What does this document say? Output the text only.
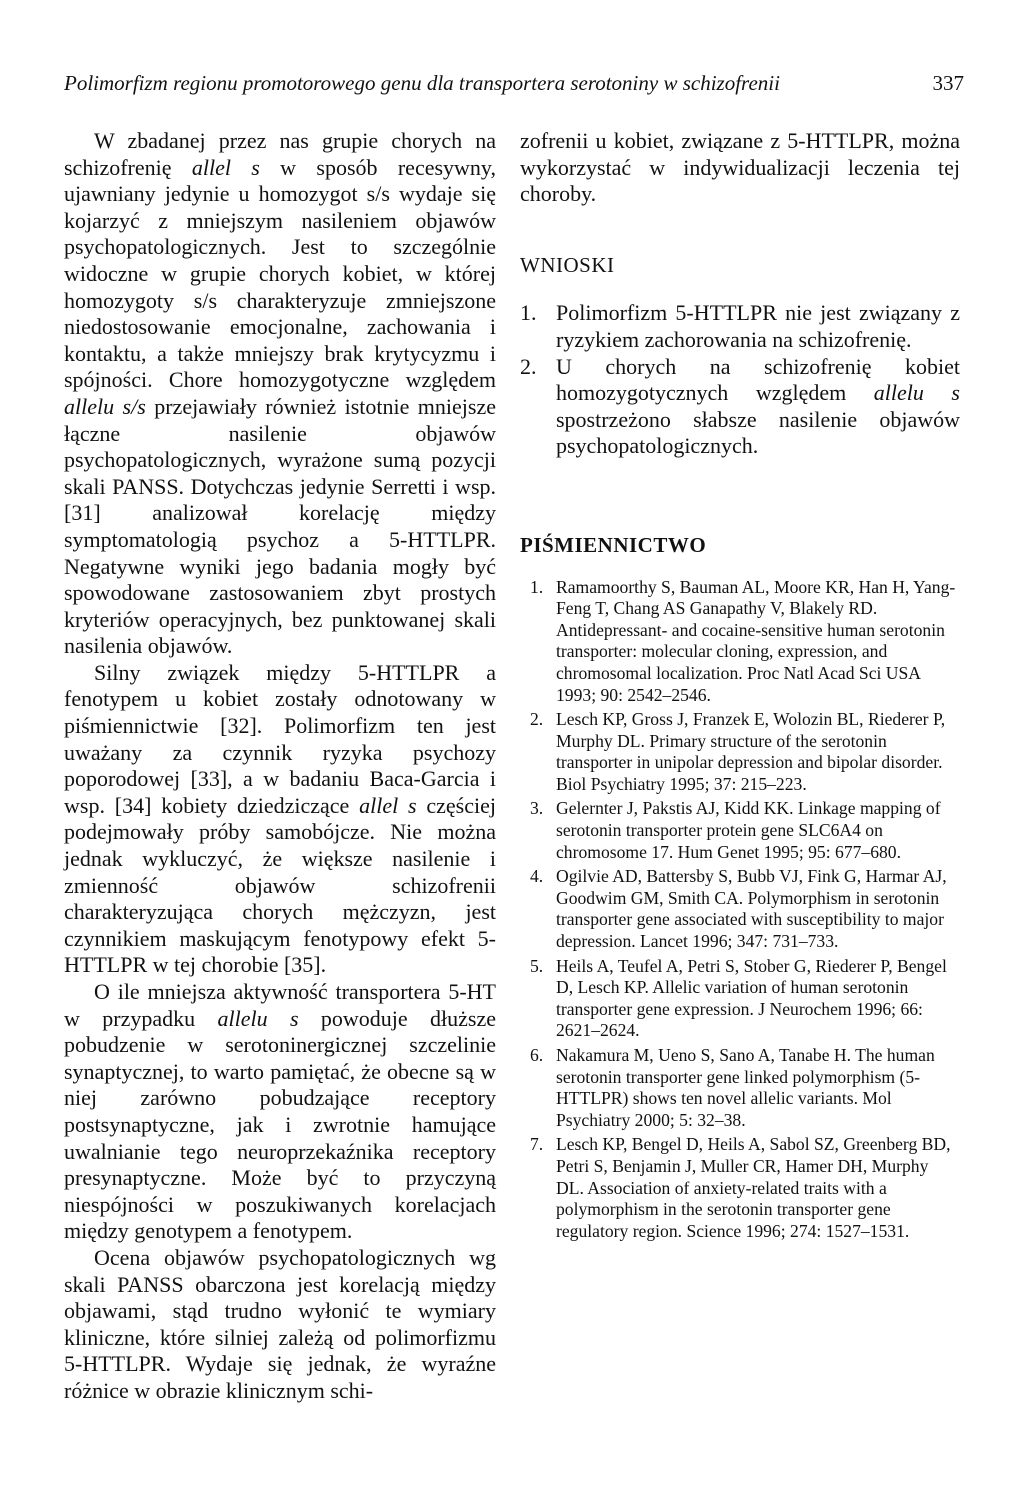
Polimorfizm regionu promotorowego genu dla transportera serotoniny w schizofrenii	337

W zbadanej przez nas grupie chorych na schizofrenię allel s w sposób recesywny, ujawniany jedynie u homozygot s/s wydaje się kojarzyć z mniejszym nasileniem objawów psychopatologicznych. Jest to szczególnie widoczne w grupie chorych kobiet, w której homozygoty s/s charakteryzuje zmniejszone niedostosowanie emocjonalne, zachowania i kontaktu, a także mniejszy brak krytycyzmu i spójności. Chore homozygotyczne względem allelu s/s przejawiały również istotnie mniejsze łączne nasilenie objawów psychopatologicznych, wyrażone sumą pozycji skali PANSS. Dotychczas jedynie Serretti i wsp. [31] analizował korelację między symptomatologią psychoz a 5-HTTLPR. Negatywne wyniki jego badania mogły być spowodowane zastosowaniem zbyt prostych kryteriów operacyjnych, bez punktowanej skali nasilenia objawów.

Silny związek między 5-HTTLPR a fenotypem u kobiet zostały odnotowany w piśmiennictwie [32]. Polimorfizm ten jest uważany za czynnik ryzyka psychozy poporodowej [33], a w badaniu Baca-Garcia i wsp. [34] kobiety dziedziczące allel s częściej podejmowały próby samobójcze. Nie można jednak wykluczyć, że większe nasilenie i zmienność objawów schizofrenii charakteryzująca chorych mężczyzn, jest czynnikiem maskującym fenotypowy efekt 5-HTTLPR w tej chorobie [35].

O ile mniejsza aktywność transportera 5-HT w przypadku allelu s powoduje dłuższe pobudzenie w serotoninergicznej szczelinie synaptycznej, to warto pamiętać, że obecne są w niej zarówno pobudzające receptory postsynaptyczne, jak i zwrotnie hamujące uwalnianie tego neuroprzekaźnika receptory presynaptyczne. Może być to przyczyną niespójności w poszukiwanych korelacjach między genotypem a fenotypem.

Ocena objawów psychopatologicznych wg skali PANSS obarczona jest korelacją między objawami, stąd trudno wyłonić te wymiary kliniczne, które silniej zależą od polimorfizmu 5-HTTLPR. Wydaje się jednak, że wyraźne różnice w obrazie klinicznym schi-

zofrenii u kobiet, związane z 5-HTTLPR, można wykorzystać w indywidualizacji leczenia tej choroby.

WNIOSKI
1. Polimorfizm 5-HTTLPR nie jest związany z ryzykiem zachorowania na schizofrenię.
2. U chorych na schizofrenię kobiet homozygotycznych względem allelu s spostrzeżono słabsze nasilenie objawów psychopatologicznych.
PIŚMIENNICTWO
1. Ramamoorthy S, Bauman AL, Moore KR, Han H, Yang-Feng T, Chang AS Ganapathy V, Blakely RD. Antidepressant- and cocaine-sensitive human serotonin transporter: molecular cloning, expression, and chromosomal localization. Proc Natl Acad Sci USA 1993; 90: 2542–2546.
2. Lesch KP, Gross J, Franzek E, Wolozin BL, Riederer P, Murphy DL. Primary structure of the serotonin transporter in unipolar depression and bipolar disorder. Biol Psychiatry 1995; 37: 215–223.
3. Gelernter J, Pakstis AJ, Kidd KK. Linkage mapping of serotonin transporter protein gene SLC6A4 on chromosome 17. Hum Genet 1995; 95: 677–680.
4. Ogilvie AD, Battersby S, Bubb VJ, Fink G, Harmar AJ, Goodwim GM, Smith CA. Polymorphism in serotonin transporter gene associated with susceptibility to major depression. Lancet 1996; 347: 731–733.
5. Heils A, Teufel A, Petri S, Stober G, Riederer P, Bengel D, Lesch KP. Allelic variation of human serotonin transporter gene expression. J Neurochem 1996; 66: 2621–2624.
6. Nakamura M, Ueno S, Sano A, Tanabe H. The human serotonin transporter gene linked polymorphism (5-HTTLPR) shows ten novel allelic variants. Mol Psychiatry 2000; 5: 32–38.
7. Lesch KP, Bengel D, Heils A, Sabol SZ, Greenberg BD, Petri S, Benjamin J, Muller CR, Hamer DH, Murphy DL. Association of anxiety-related traits with a polymorphism in the serotonin transporter gene regulatory region. Science 1996; 274: 1527–1531.
